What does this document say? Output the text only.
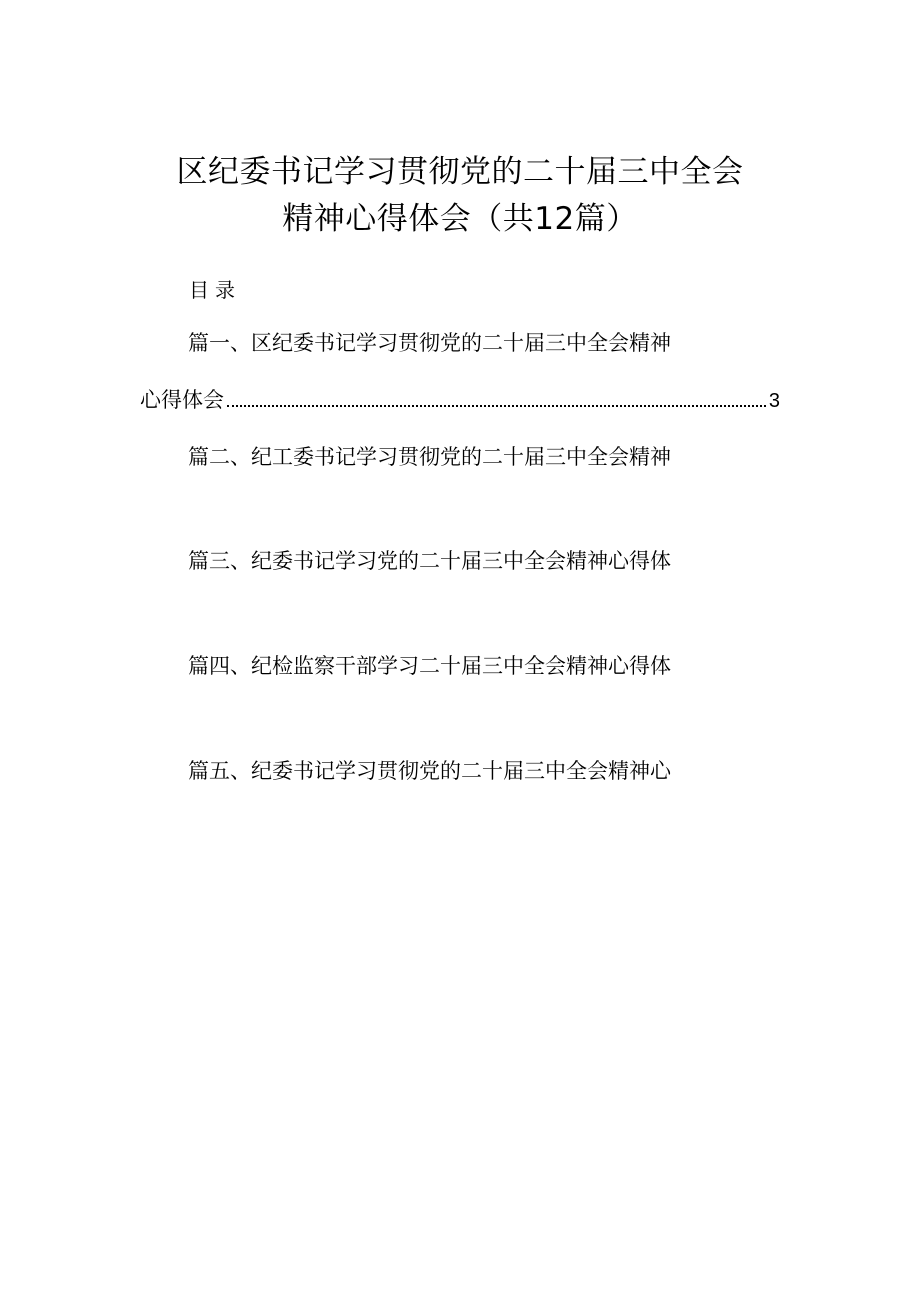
区纪委书记学习贯彻党的二十届三中全会
精神心得体会（共12篇）
目录
篇一、区纪委书记学习贯彻党的二十届三中全会精神
心得体会	3
篇二、纪工委书记学习贯彻党的二十届三中全会精神
篇三、纪委书记学习党的二十届三中全会精神心得体
篇四、纪检监察干部学习二十届三中全会精神心得体
篇五、纪委书记学习贯彻党的二十届三中全会精神心
